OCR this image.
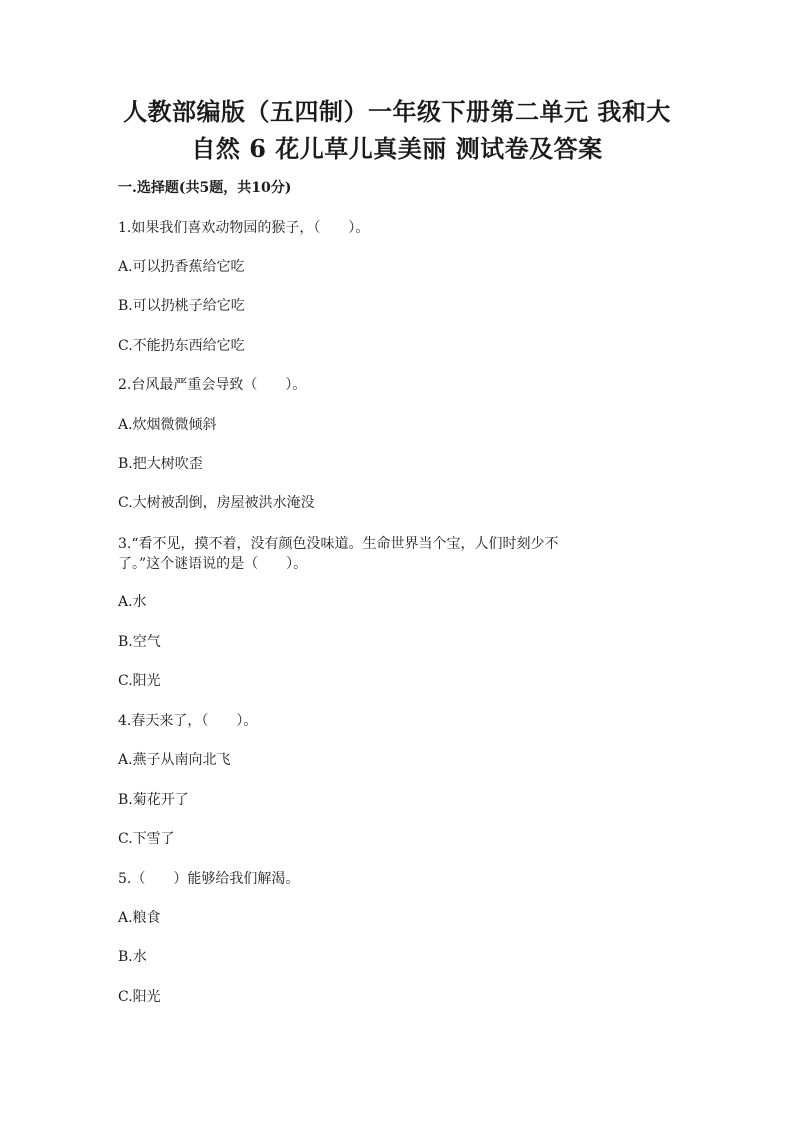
人教部编版（五四制）一年级下册第二单元 我和大
自然 6 花儿草儿真美丽 测试卷及答案
一.选择题(共5题，共10分)
1.如果我们喜欢动物园的猴子，（　　）。
A.可以扔香蕉给它吃
B.可以扔桃子给它吃
C.不能扔东西给它吃
2.台风最严重会导致（　　）。
A.炊烟微微倾斜
B.把大树吹歪
C.大树被刮倒，房屋被洪水淹没
3.“看不见，摸不着，没有颜色没味道。生命世界当个宝，人们时刻少不
了。”这个谜语说的是（　　）。
A.水
B.空气
C.阳光
4.春天来了，（　　）。
A.燕子从南向北飞
B.菊花开了
C.下雪了
5.（　　）能够给我们解渴。
A.粮食
B.水
C.阳光
